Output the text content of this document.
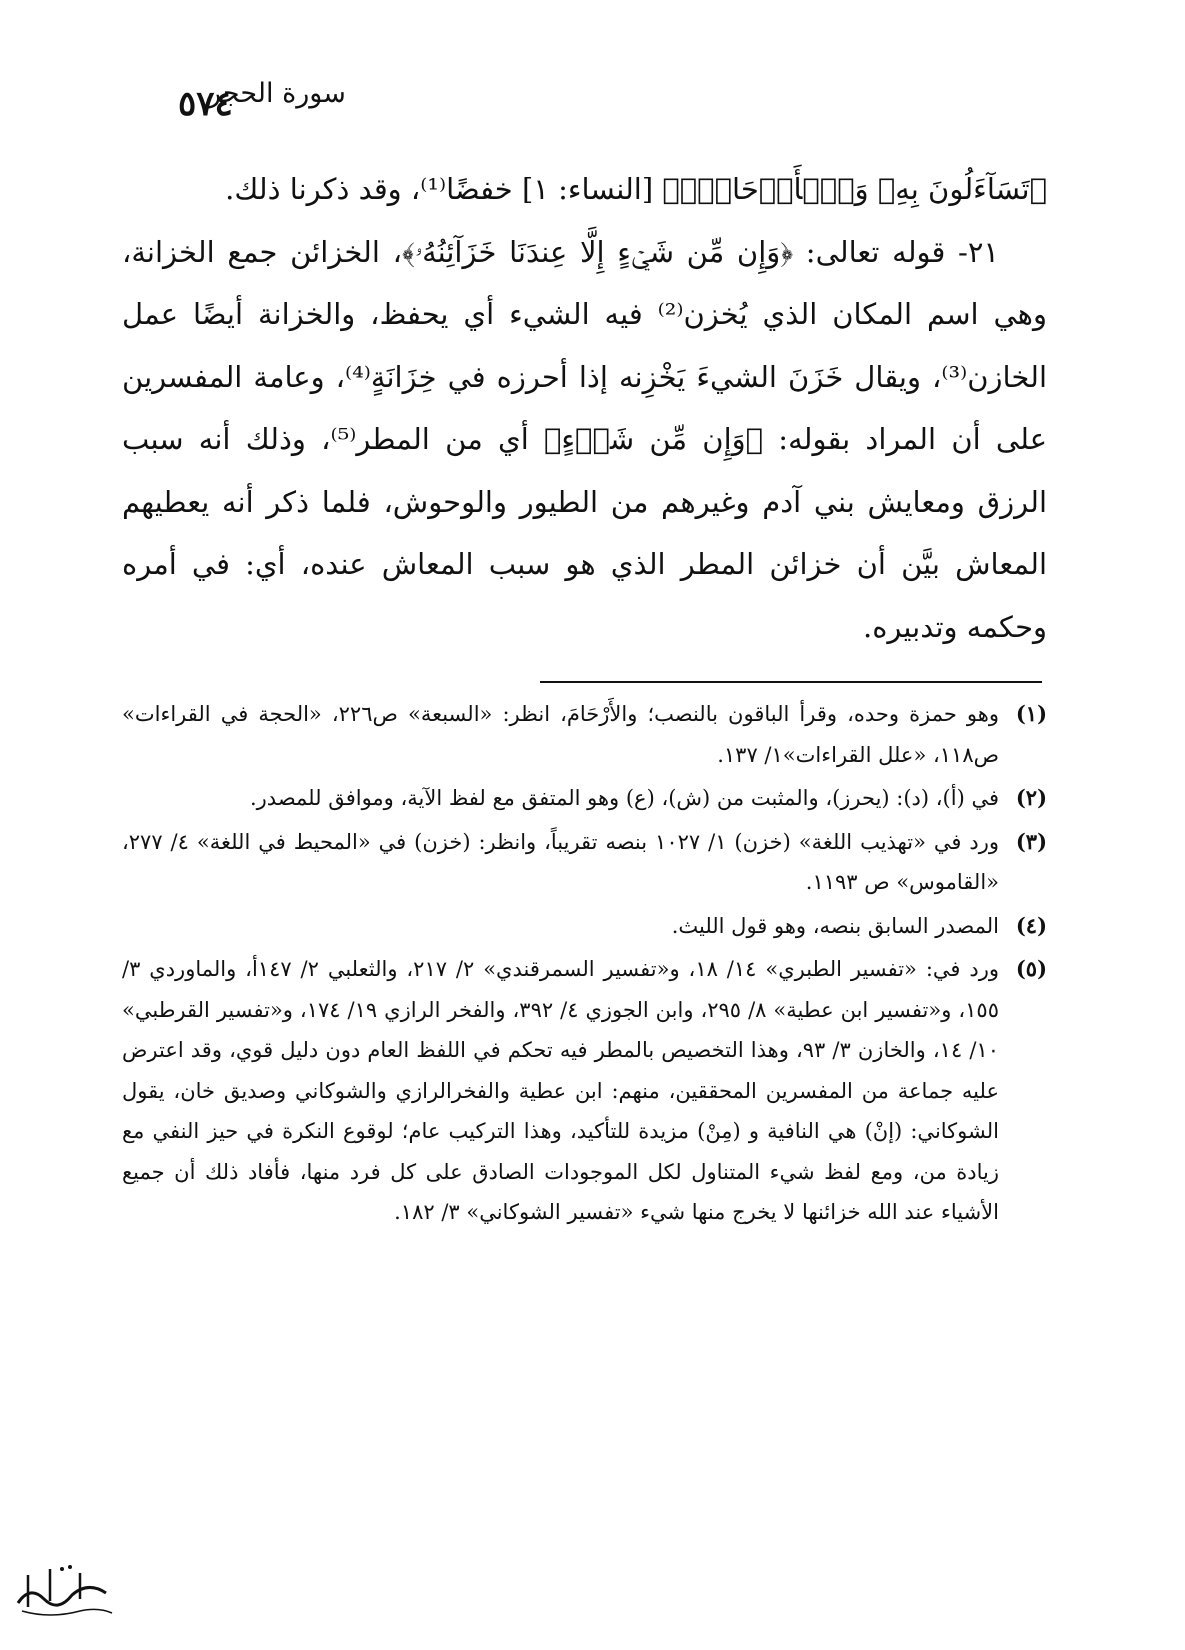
٥٧٤
سورة الحجر

﴿تَسَآءَلُونَ بِهِۦ وَٱلۡأَرۡحَامَۚ﴾ [النساء: ١] خفضًا⁽¹⁾، وقد ذكرنا ذلك.

٢١- قوله تعالى: ﴿وَإِن مِّن شَيۡءٍ إِلَّا عِندَنَا خَزَآئِنُهُۥ﴾، الخزائن جمع الخزانة، وهي اسم المكان الذي يُخزن⁽²⁾ فيه الشيء أي يحفظ، والخزانة أيضًا عمل الخازن⁽³⁾، ويقال خَزَنَ الشيءَ يَخْزِنه إذا أحرزه في خِزَانَةٍ⁽⁴⁾، وعامة المفسرين على أن المراد بقوله: ﴿وَإِن مِّن شَيۡءٍ﴾ أي من المطر⁽⁵⁾، وذلك أنه سبب الرزق ومعايش بني آدم وغيرهم من الطيور والوحوش، فلما ذكر أنه يعطيهم المعاش بيَّن أن خزائن المطر الذي هو سبب المعاش عنده، أي: في أمره وحكمه وتدبيره.

(١)
وهو حمزة وحده، وقرأ الباقون بالنصب؛ والأَرْحَامَ، انظر: «السبعة» ص٢٢٦، «الحجة في القراءات» ص١١٨، «علل القراءات»١/ ١٣٧.
(٢)
في (أ)، (د): (يحرز)، والمثبت من (ش)، (ع) وهو المتفق مع لفظ الآية، وموافق للمصدر.
(٣)
ورد في «تهذيب اللغة» (خزن) ١/ ١٠٢٧ بنصه تقريباً، وانظر: (خزن) في «المحيط في اللغة» ٤/ ٢٧٧، «القاموس» ص ١١٩٣.
(٤)
المصدر السابق بنصه، وهو قول الليث.
(٥)
ورد في: «تفسير الطبري» ١٤/ ١٨، و«تفسير السمرقندي» ٢/ ٢١٧، والثعلبي ٢/ ١٤٧أ، والماوردي ٣/ ١٥٥، و«تفسير ابن عطية» ٨/ ٢٩٥، وابن الجوزي ٤/ ٣٩٢، والفخر الرازي ١٩/ ١٧٤، و«تفسير القرطبي» ١٠/ ١٤، والخازن ٣/ ٩٣، وهذا التخصيص بالمطر فيه تحكم في اللفظ العام دون دليل قوي، وقد اعترض عليه جماعة من المفسرين المحققين، منهم: ابن عطية والفخرالرازي والشوكاني وصديق خان، يقول الشوكاني: (إنْ) هي النافية و (مِنْ) مزيدة للتأكيد، وهذا التركيب عام؛ لوقوع النكرة في حيز النفي مع زيادة من، ومع لفظ شيء المتناول لكل الموجودات الصادق على كل فرد منها، فأفاد ذلك أن جميع الأشياء عند الله خزائنها لا يخرج منها شيء «تفسير الشوكاني» ٣/ ١٨٢.
